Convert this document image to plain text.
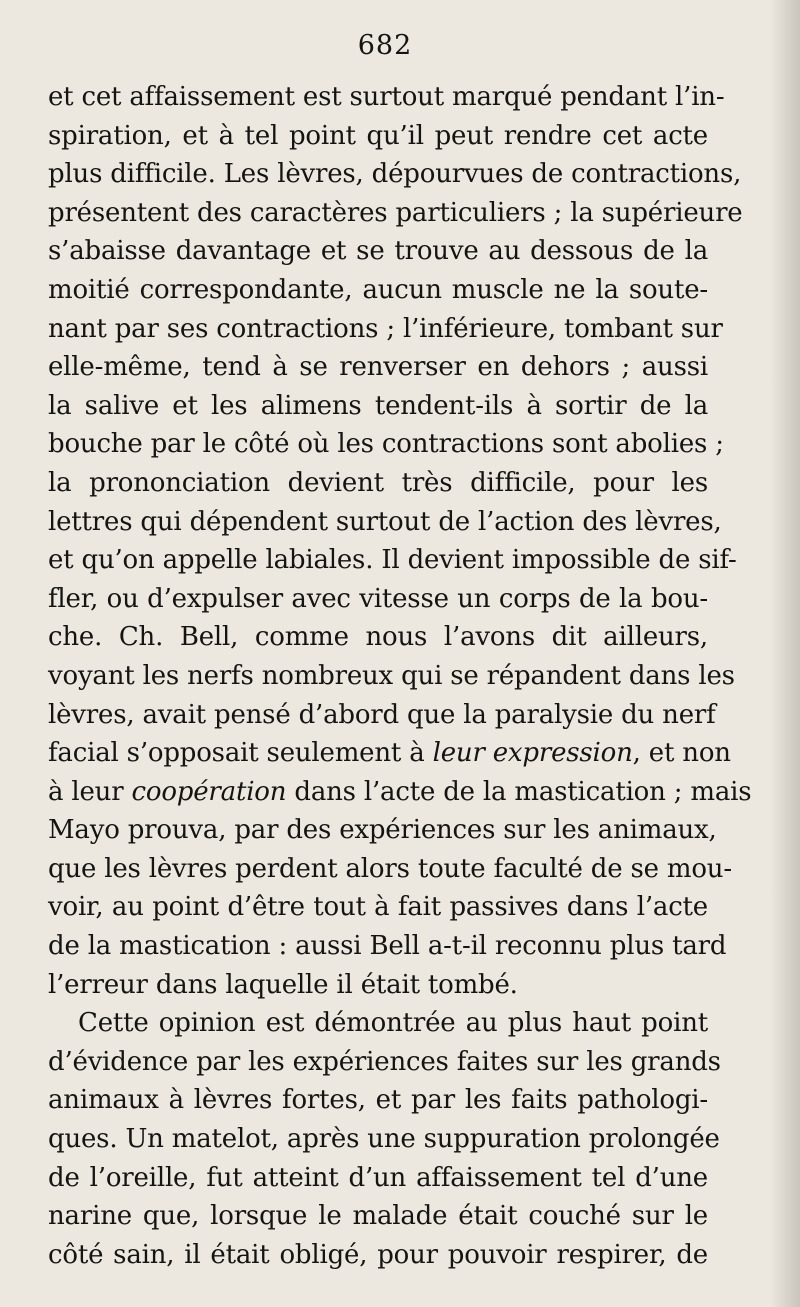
682

et cet affaissement est surtout marqué pendant l’in-
spiration, et à tel point qu’il peut rendre cet acte
plus difficile. Les lèvres, dépourvues de contractions,
présentent des caractères particuliers ; la supérieure
s’abaisse davantage et se trouve au dessous de la
moitié correspondante, aucun muscle ne la soute-
nant par ses contractions ; l’inférieure, tombant sur
elle-même, tend à se renverser en dehors ; aussi
la salive et les alimens tendent-ils à sortir de la
bouche par le côté où les contractions sont abolies ;
la prononciation devient très difficile, pour les
lettres qui dépendent surtout de l’action des lèvres,
et qu’on appelle labiales. Il devient impossible de sif-
fler, ou d’expulser avec vitesse un corps de la bou-
che. Ch. Bell, comme nous l’avons dit ailleurs,
voyant les nerfs nombreux qui se répandent dans les
lèvres, avait pensé d’abord que la paralysie du nerf
facial s’opposait seulement à leur expression, et non
à leur coopération dans l’acte de la mastication ; mais
Mayo prouva, par des expériences sur les animaux,
que les lèvres perdent alors toute faculté de se mou-
voir, au point d’être tout à fait passives dans l’acte
de la mastication : aussi Bell a-t-il reconnu plus tard
l’erreur dans laquelle il était tombé.

Cette opinion est démontrée au plus haut point
d’évidence par les expériences faites sur les grands
animaux à lèvres fortes, et par les faits pathologi-
ques. Un matelot, après une suppuration prolongée
de l’oreille, fut atteint d’un affaissement tel d’une
narine que, lorsque le malade était couché sur le
côté sain, il était obligé, pour pouvoir respirer, de
